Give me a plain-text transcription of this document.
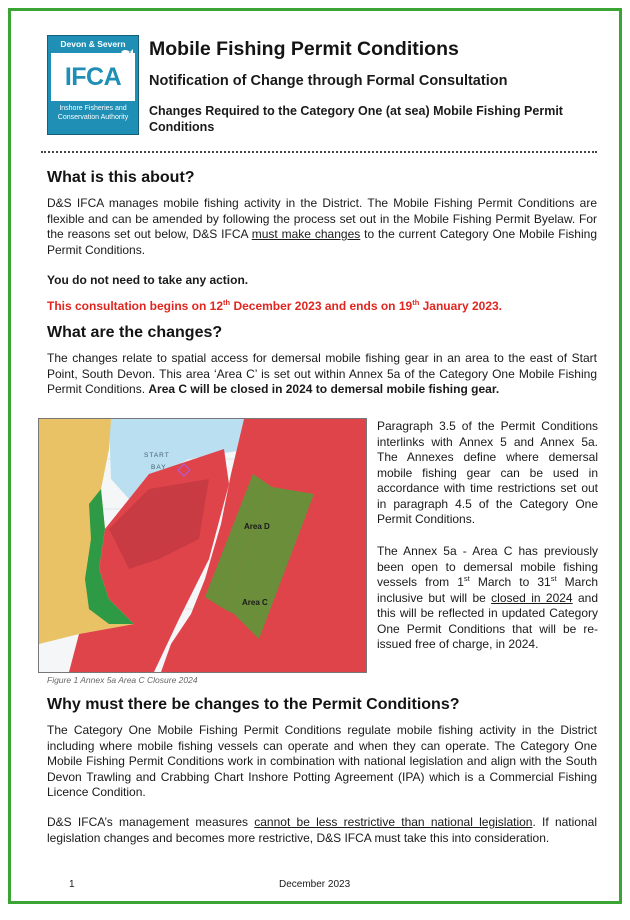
Devon & Severn
IFCA
Inshore Fisheries and
Conservation Authority
Mobile Fishing Permit Conditions
Notification of Change through Formal Consultation
Changes Required to the Category One (at sea) Mobile Fishing Permit Conditions
What is this about?
D&S IFCA manages mobile fishing activity in the District. The Mobile Fishing Permit Conditions are flexible and can be amended by following the process set out in the Mobile Fishing Permit Byelaw. For the reasons set out below, D&S IFCA must make changes to the current Category One Mobile Fishing Permit Conditions.
You do not need to take any action.
This consultation begins on 12th December 2023 and ends on 19th January 2023.
What are the changes?
The changes relate to spatial access for demersal mobile fishing gear in an area to the east of Start Point, South Devon. This area ‘Area C’ is set out within Annex 5a of the Category One Mobile Fishing Permit Conditions. Area C will be closed in 2024 to demersal mobile fishing gear.
START
BAY
Area D
Area C
Figure 1 Annex 5a Area C Closure 2024
Paragraph 3.5 of the Permit Conditions interlinks with Annex 5 and Annex 5a. The Annexes define where demersal mobile fishing gear can be used in accordance with time restrictions set out in paragraph 4.5 of the Category One Permit Conditions.
The Annex 5a - Area C has previously been open to demersal mobile fishing vessels from 1st March to 31st March inclusive but will be closed in 2024 and this will be reflected in updated Category One Permit Conditions that will be re-issued free of charge, in 2024.
Why must there be changes to the Permit Conditions?
The Category One Mobile Fishing Permit Conditions regulate mobile fishing activity in the District including where mobile fishing vessels can operate and when they can operate. The Category One Mobile Fishing Permit Conditions work in combination with national legislation and align with the South Devon Trawling and Crabbing Chart Inshore Potting Agreement (IPA) which is a Commercial Fishing Licence Condition.
D&S IFCA’s management measures cannot be less restrictive than national legislation. If national legislation changes and becomes more restrictive, D&S IFCA must take this into consideration.
1	December 2023
